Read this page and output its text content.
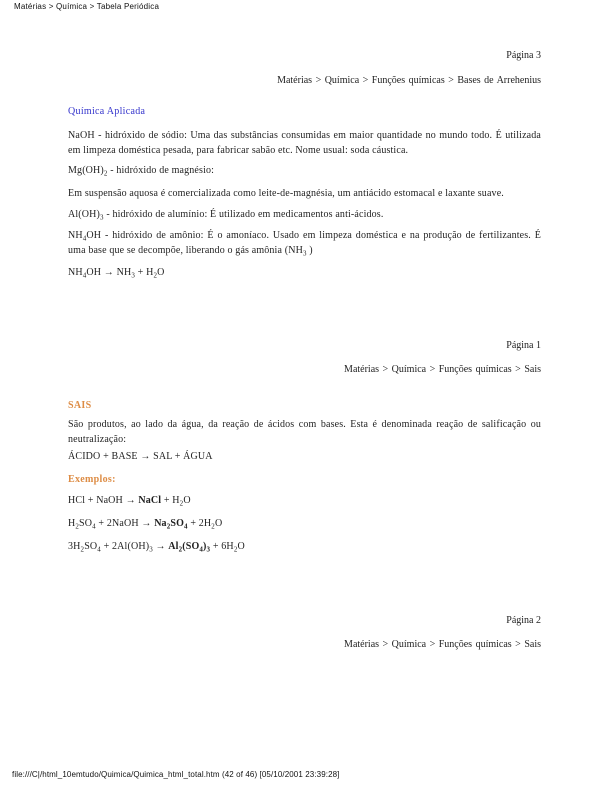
Matérias > Química > Tabela Periódica
Página 3
Matérias > Química > Funções químicas > Bases de Arrehenius
Química Aplicada

NaOH - hidróxido de sódio: Uma das substâncias consumidas em maior quantidade no mundo todo. É utilizada em limpeza doméstica pesada, para fabricar sabão etc. Nome usual: soda cáustica.

$Mg(OH)_2$ - hidróxido de magnésio:

Em suspensão aquosa é comercializada como leite-de-magnésia, um antiácido estomacal e laxante suave.

$Al(OH)_3$ - hidróxido de alumínio: É utilizado em medicamentos anti-ácidos.

$NH_4OH$ - hidróxido de amônio: É o amoníaco. Usado em limpeza doméstica e na produção de fertilizantes. É uma base que se decompõe, liberando o gás amônia ($NH_3$ )

$NH_4OH \to NH_3 + H_2O$

Página 1
Matérias > Química > Funções químicas > Sais
SAIS

São produtos, ao lado da água, da reação de ácidos com bases. Esta é denominada reação de salificação ou neutralização:

ÁCIDO + BASE → SAL + ÁGUA

Exemplos:

HCl + NaOH → NaCl + $H_2O$

$H_2SO_4$ + 2NaOH → $Na_2SO_4 + 2H_2O$

$3H_2SO_4 + 2Al(OH)_3 \to Al_2(SO_4)_3 + 6H_2O$

Página 2
Matérias > Química > Funções químicas > Sais
file:///C|/html_10emtudo/Quimica/Quimica_html_total.htm (42 of 46) [05/10/2001 23:39:28]
